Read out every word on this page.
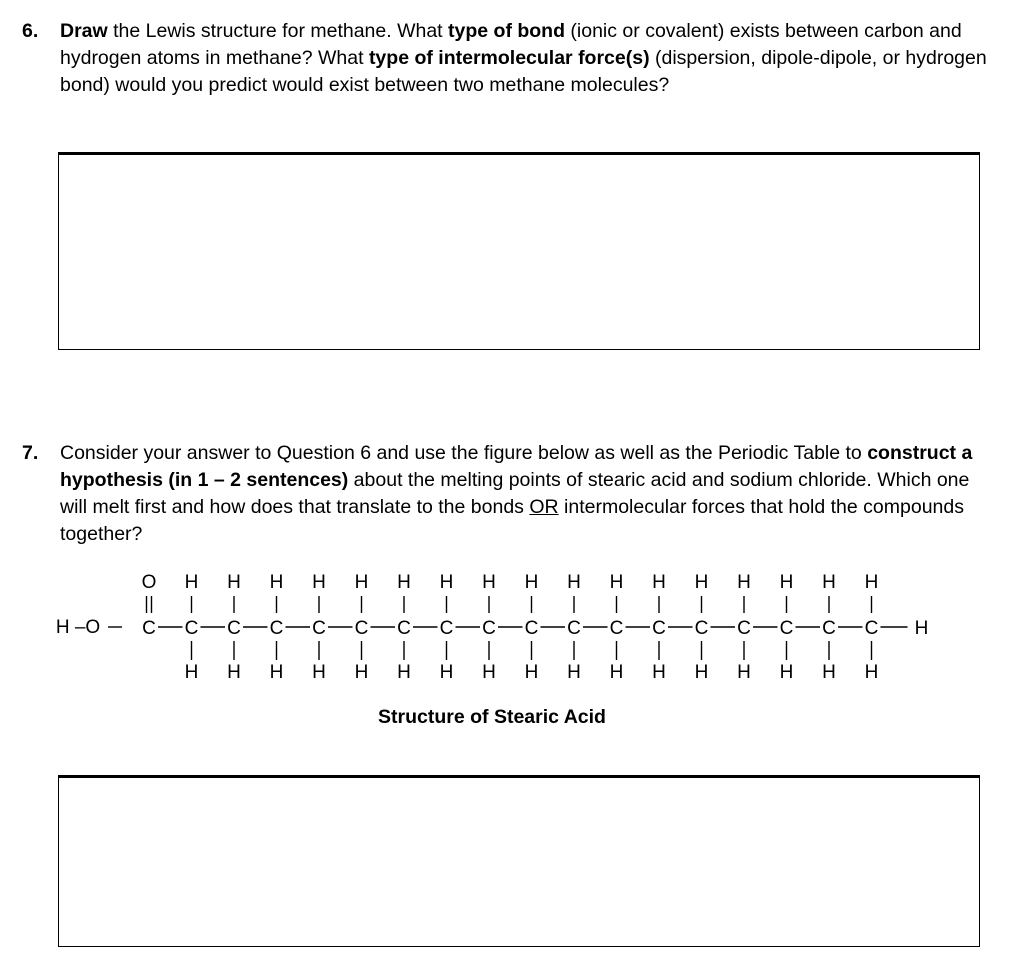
6. Draw the Lewis structure for methane. What type of bond (ionic or covalent) exists between carbon and hydrogen atoms in methane? What type of intermolecular force(s) (dispersion, dipole-dipole, or hydrogen bond) would you predict would exist between two methane molecules?
7. Consider your answer to Question 6 and use the figure below as well as the Periodic Table to construct a hypothesis (in 1 – 2 sentences) about the melting points of stearic acid and sodium chloride. Which one will melt first and how does that translate to the bonds OR intermolecular forces that hold the compounds together?
H –O C
O
C
H
H
C
H
H
C
H
H
C
H
H
C
H
H
C
H
H
C
H
H
C
H
H
C
H
H
C
H
H
C
H
H
C
H
H
C
H
H
C
H
H
C
H
H
C
H
H
C
H
H
H
Structure of Stearic Acid
